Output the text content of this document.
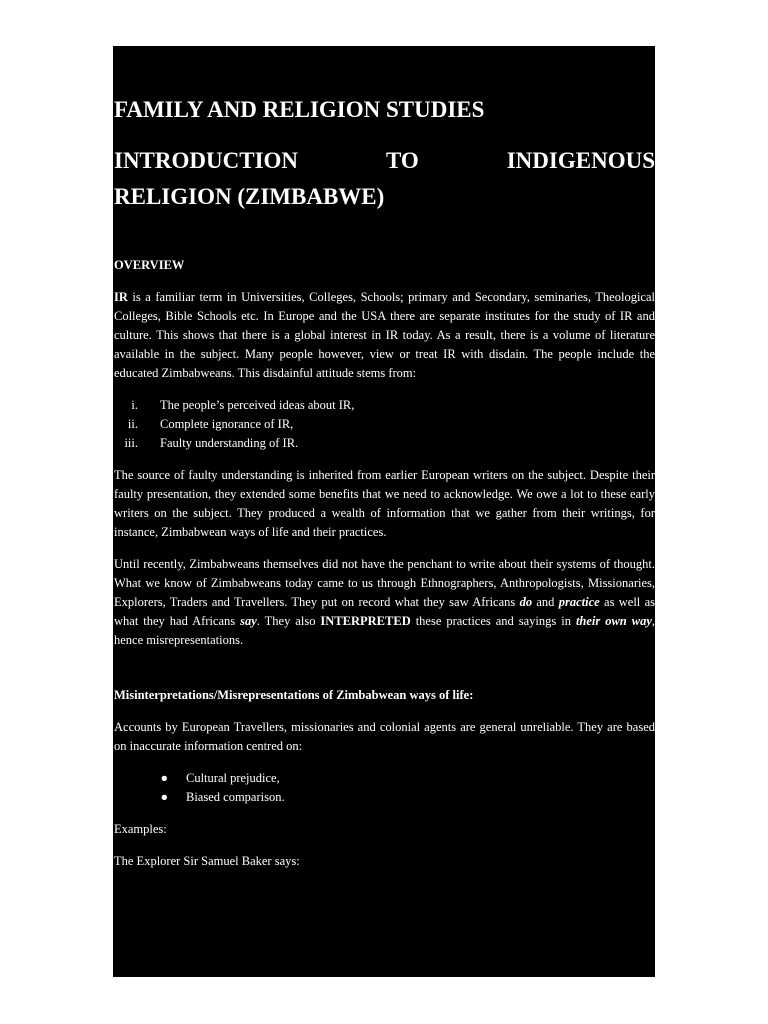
FAMILY AND RELIGION STUDIES
INTRODUCTION	TO	INDIGENOUS
RELIGION (ZIMBABWE)

OVERVIEW

IR is a familiar term in Universities, Colleges, Schools; primary and Secondary, seminaries, Theological Colleges, Bible Schools etc. In Europe and the USA there are separate institutes for the study of IR and culture. This shows that there is a global interest in IR today. As a result, there is a volume of literature available in the subject. Many people however, view or treat IR with disdain. The people include the educated Zimbabweans. This disdainful attitude stems from:

i. The people’s perceived ideas about IR,
ii. Complete ignorance of IR,
iii. Faulty understanding of IR.

The source of faulty understanding is inherited from earlier European writers on the subject. Despite their faulty presentation, they extended some benefits that we need to acknowledge. We owe a lot to these early writers on the subject. They produced a wealth of information that we gather from their writings, for instance, Zimbabwean ways of life and their practices.

Until recently, Zimbabweans themselves did not have the penchant to write about their systems of thought. What we know of Zimbabweans today came to us through Ethnographers, Anthropologists, Missionaries, Explorers, Traders and Travellers. They put on record what they saw Africans do and practice as well as what they had Africans say. They also INTERPRETED these practices and sayings in their own way, hence misrepresentations.

Misinterpretations/Misrepresentations of Zimbabwean ways of life:

Accounts by European Travellers, missionaries and colonial agents are general unreliable. They are based on inaccurate information centred on:

●	Cultural prejudice,
●	Biased comparison.

Examples:

The Explorer Sir Samuel Baker says:
